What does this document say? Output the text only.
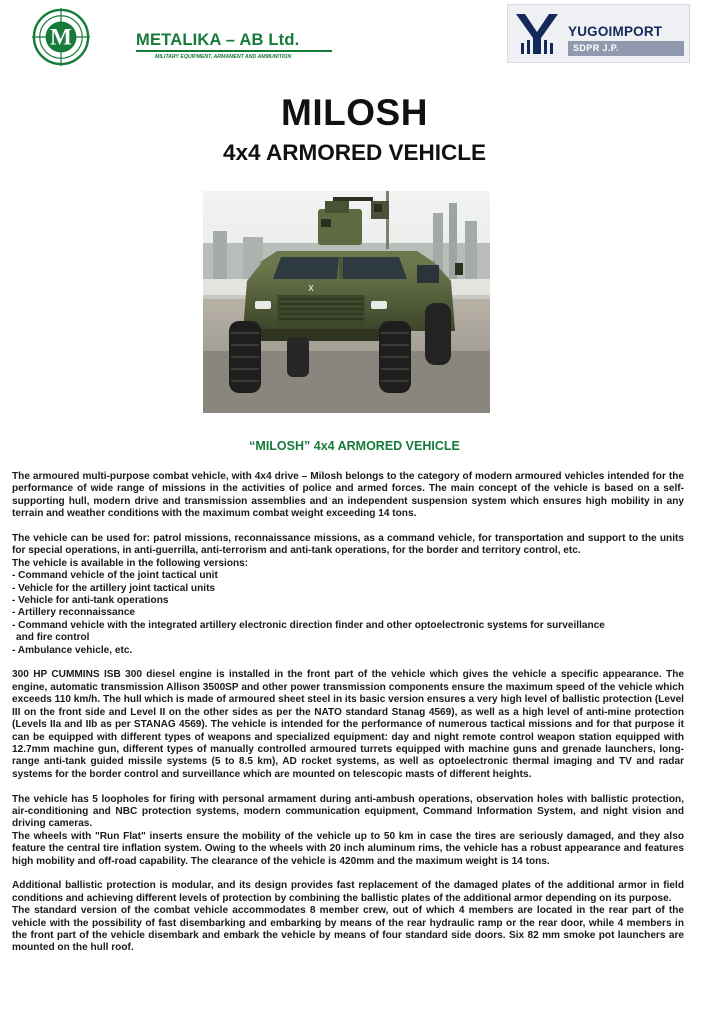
M	METALIKA – AB Ltd.
MILITARY EQUIPMENT, ARMAMENT AND AMMUNITION
YUGOIMPORT
SDPR J.P.
MILOSH
4x4 ARMORED VEHICLE
X
“MILOSH” 4x4 ARMORED VEHICLE

The armoured multi-purpose combat vehicle, with 4x4 drive – Milosh belongs to the category of modern armoured vehicles intended for the performance of wide range of missions in the activities of police and armed forces. The main concept of the vehicle is based on a self-supporting hull, modern drive and transmission assemblies and an independent suspension system which ensures high mobility in any terrain and weather conditions with the maximum combat weight exceeding 14 tons.

The vehicle can be used for: patrol missions, reconnaissance missions, as a command vehicle, for transportation and support to the units for special operations, in anti-guerrilla, anti-terrorism and anti-tank operations, for the border and territory control, etc.

The vehicle is available in the following versions:

- Command vehicle of the joint tactical unit

- Vehicle for the artillery joint tactical units

- Vehicle for anti-tank operations

- Artillery reconnaissance

- Command vehicle with the integrated artillery electronic direction finder and other optoelectronic systems for surveillance

and fire control

- Ambulance vehicle, etc.

300 HP CUMMINS ISB 300 diesel engine is installed in the front part of the vehicle which gives the vehicle a specific appearance. The engine, automatic transmission Allison 3500SP and other power transmission components ensure the maximum speed of the vehicle which exceeds 110 km/h. The hull which is made of armoured sheet steel in its basic version ensures a very high level of ballistic protection (Level III on the front side and Level II on the other sides as per the NATO standard Stanag 4569), as well as a high level of anti-mine protection (Levels IIa and IIb as per STANAG 4569). The vehicle is intended for the performance of numerous tactical missions and for that purpose it can be equipped with different types of weapons and specialized equipment: day and night remote control weapon station equipped with 12.7mm machine gun, different types of manually controlled armoured turrets equipped with machine guns and grenade launchers, long-range anti-tank guided missile systems (5 to 8.5 km), AD rocket systems, as well as optoelectronic thermal imaging and TV and radar systems for the border control and surveillance which are mounted on telescopic masts of different heights.

The vehicle has 5 loopholes for firing with personal armament during anti-ambush operations, observation holes with ballistic protection, air-conditioning and NBC protection systems, modern communication equipment, Command Information System, and night vision and driving cameras.

The wheels with "Run Flat" inserts ensure the mobility of the vehicle up to 50 km in case the tires are seriously damaged, and they also feature the central tire inflation system. Owing to the wheels with 20 inch aluminum rims, the vehicle has a robust appearance and features high mobility and off-road capability. The clearance of the vehicle is 420mm and the maximum weight is 14 tons.

Additional ballistic protection is modular, and its design provides fast replacement of the damaged plates of the additional armor in field conditions and achieving different levels of protection by combining the ballistic plates of the additional armor depending on its purpose.

The standard version of the combat vehicle accommodates 8 member crew, out of which 4 members are located in the rear part of the vehicle with the possibility of fast disembarking and embarking by means of the rear hydraulic ramp or the rear door, while 4 members in the front part of the vehicle disembark and embark the vehicle by means of four standard side doors. Six 82 mm smoke pot launchers are mounted on the hull roof.
